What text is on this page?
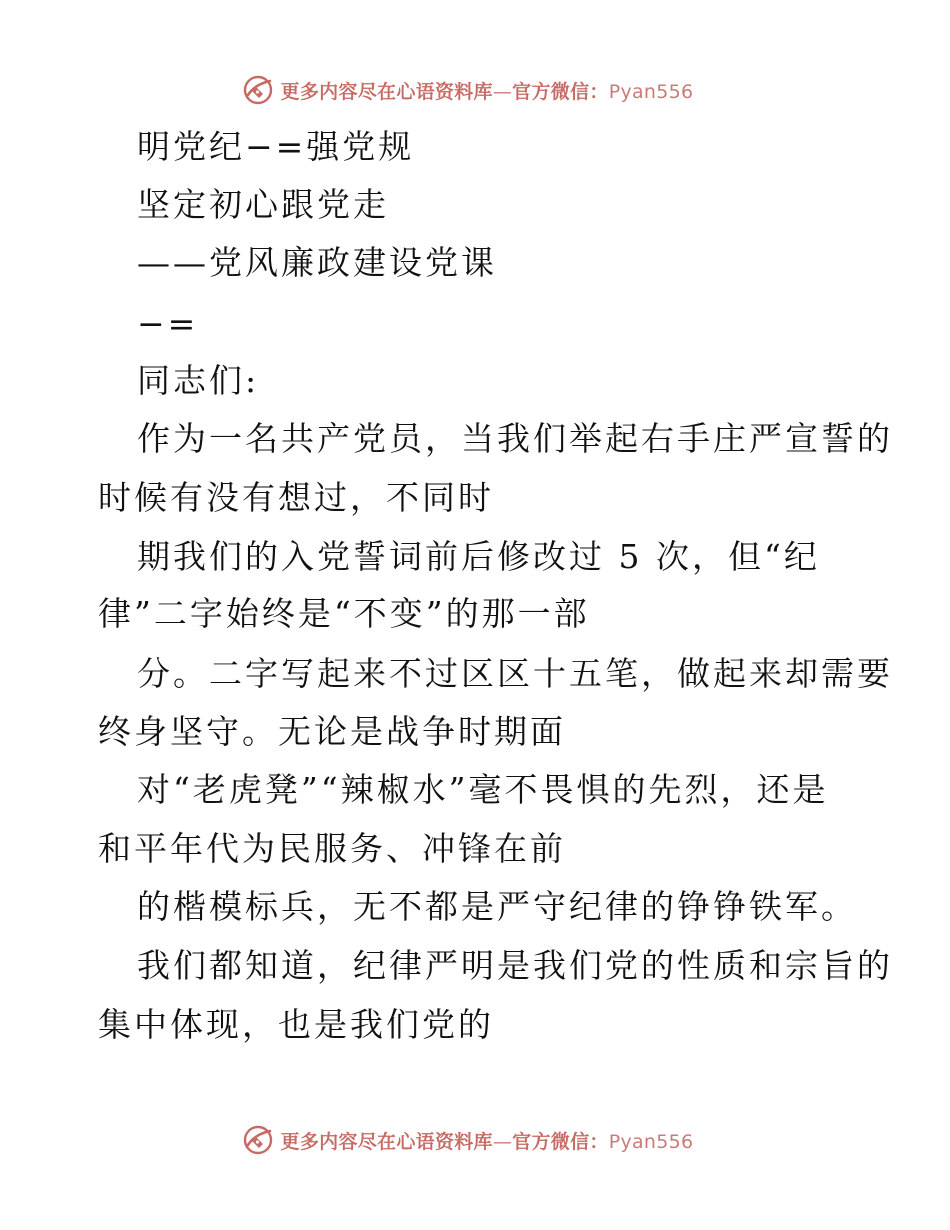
更多内容尽在心语资料库—官方微信：Pyan556
明党纪−=强党规
坚定初心跟党走
——党风廉政建设党课
−=
同志们:
作为一名共产党员，当我们举起右手庄严宣誓的
时候有没有想过，不同时
期我们的入党誓词前后修改过 5 次，但“纪
律”二字始终是“不变”的那一部
分。二字写起来不过区区十五笔，做起来却需要
终身坚守。无论是战争时期面
对“老虎凳”“辣椒水”毫不畏惧的先烈，还是
和平年代为民服务、冲锋在前
的楷模标兵，无不都是严守纪律的铮铮铁军。
我们都知道，纪律严明是我们党的性质和宗旨的
集中体现，也是我们党的
更多内容尽在心语资料库—官方微信：Pyan556
